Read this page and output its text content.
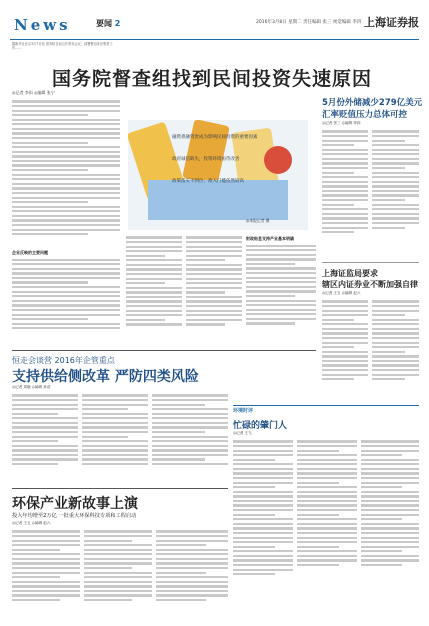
News	要闻 2	2016年3月8日 星期二 责任编辑 张三 视觉编辑 李四 上海证券报
据新华社北京3月7日电 国务院日前召开常务会议，部署整治非法集资工作……
国务院督查组找到民间投资失速原因
◎记者 李雨 ◎编辑 张宁
企业反映的主要问题
融资难融资贵成为影响民间投资的重要因素
政府诚信缺失，投资环境亟待改善
政策落实不到位，准入门槛依然较高
◎本报记者 摄
财政贴息支持产业基本明确
5月份外储减少279亿美元
汇率贬值压力总体可控
◎记者 张三 ◎编辑 李四
上海证监局要求
辖区内证券业不断加强自律
◎记者 王五 ◎编辑 赵六
恒走会谈营 2016年企管重点
支持供给侧改革 严防四类风险
◎记者 周晓 ◎编辑 孙浩
环境时评
忙碌的肇门人
◎记者 王飞
环保产业新故事上演
投入年均增至2万亿 一批重大环保科技专项和工程启动
◎记者 王五 ◎编辑 赵六
